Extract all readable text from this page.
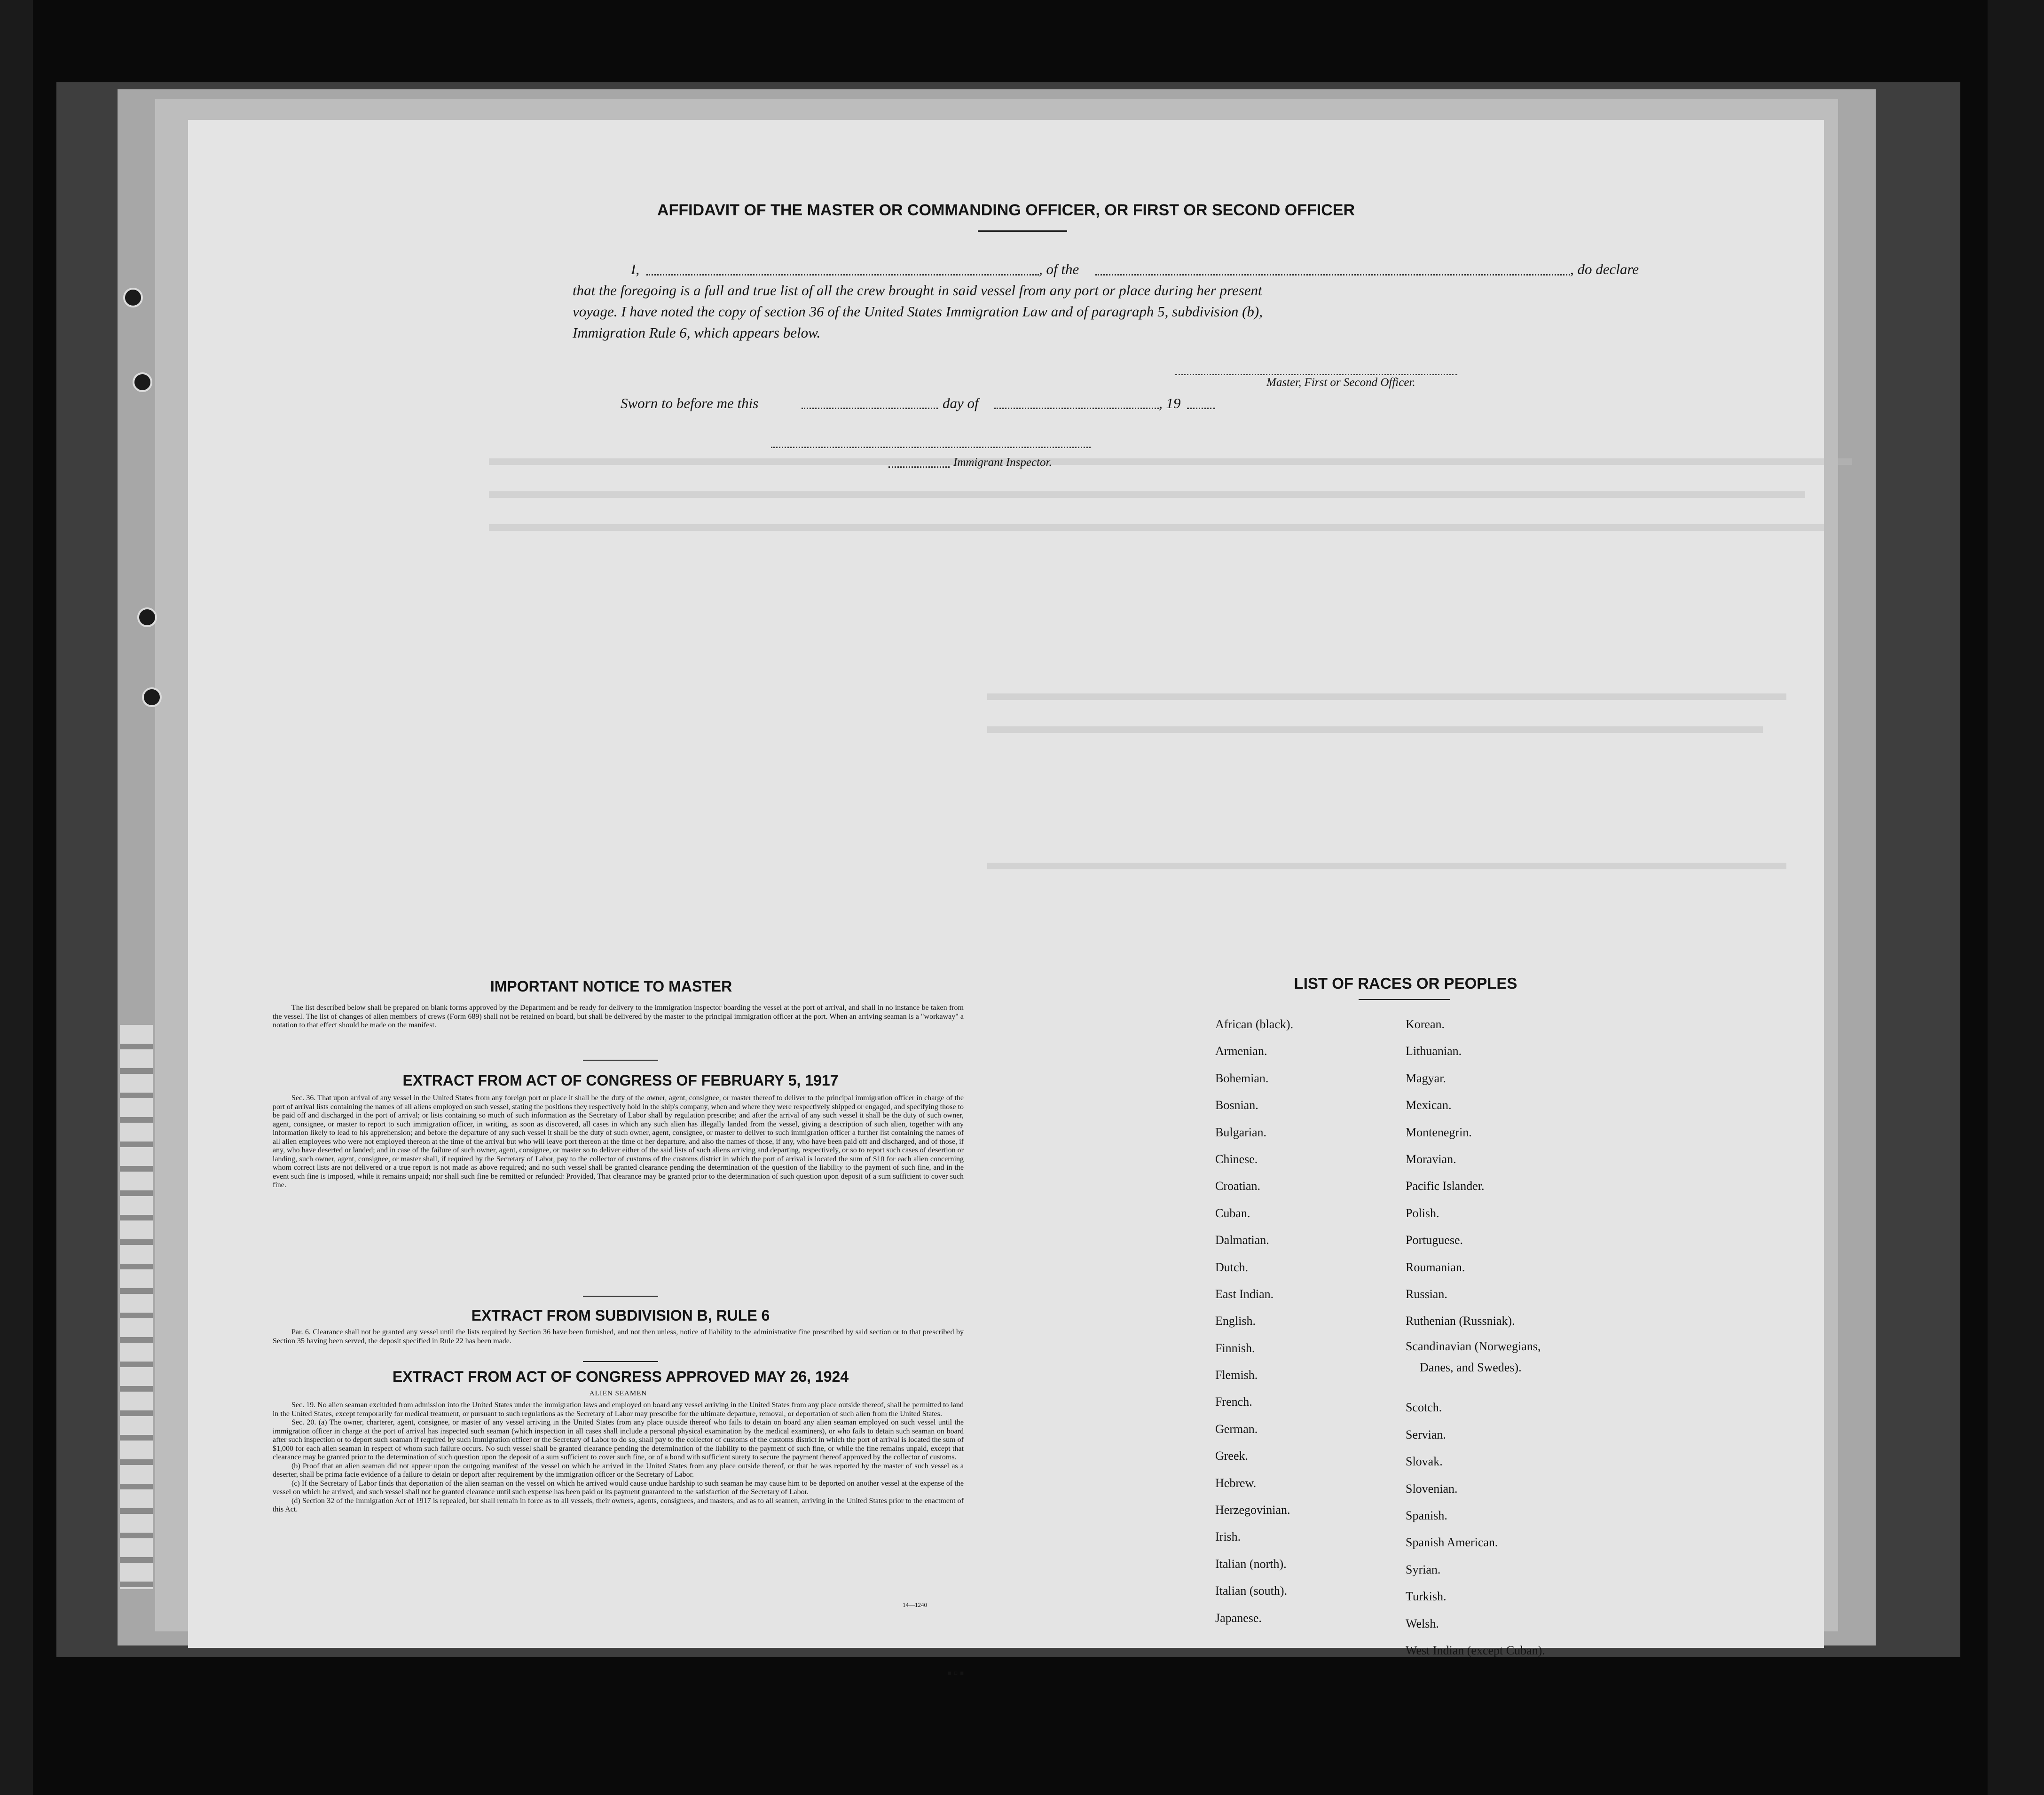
AFFIDAVIT OF THE MASTER OR COMMANDING OFFICER, OR FIRST OR SECOND OFFICER
I,	, of the	, do declare
that the foregoing is a full and true list of all the crew brought in said vessel from any port or place during her present
voyage. I have noted the copy of section 36 of the United States Immigration Law and of paragraph 5, subdivision (b),
Immigration Rule 6, which appears below.
Master, First or Second Officer.
Sworn to before me this	day of	, 19
Immigrant Inspector.
IMPORTANT NOTICE TO MASTER

The list described below shall be prepared on blank forms approved by the Department and be ready for delivery to the immigration inspector boarding the vessel at the port of arrival, and shall in no instance be taken from the vessel. The list of changes of alien members of crews (Form 689) shall not be retained on board, but shall be delivered by the master to the principal immigration officer at the port. When an arriving seaman is a "workaway" a notation to that effect should be made on the manifest.

EXTRACT FROM ACT OF CONGRESS OF FEBRUARY 5, 1917

Sec. 36. That upon arrival of any vessel in the United States from any foreign port or place it shall be the duty of the owner, agent, consignee, or master thereof to deliver to the principal immigration officer in charge of the port of arrival lists containing the names of all aliens employed on such vessel, stating the positions they respectively hold in the ship's company, when and where they were respectively shipped or engaged, and specifying those to be paid off and discharged in the port of arrival; or lists containing so much of such information as the Secretary of Labor shall by regulation prescribe; and after the arrival of any such vessel it shall be the duty of such owner, agent, consignee, or master to report to such immigration officer, in writing, as soon as discovered, all cases in which any such alien has illegally landed from the vessel, giving a description of such alien, together with any information likely to lead to his apprehension; and before the departure of any such vessel it shall be the duty of such owner, agent, consignee, or master to deliver to such immigration officer a further list containing the names of all alien employees who were not employed thereon at the time of the arrival but who will leave port thereon at the time of her departure, and also the names of those, if any, who have been paid off and discharged, and of those, if any, who have deserted or landed; and in case of the failure of such owner, agent, consignee, or master so to deliver either of the said lists of such aliens arriving and departing, respectively, or so to report such cases of desertion or landing, such owner, agent, consignee, or master shall, if required by the Secretary of Labor, pay to the collector of customs of the customs district in which the port of arrival is located the sum of $10 for each alien concerning whom correct lists are not delivered or a true report is not made as above required; and no such vessel shall be granted clearance pending the determination of the question of the liability to the payment of such fine, and in the event such fine is imposed, while it remains unpaid; nor shall such fine be remitted or refunded: Provided, That clearance may be granted prior to the determination of such question upon deposit of a sum sufficient to cover such fine.

EXTRACT FROM SUBDIVISION B, RULE 6

Par. 6. Clearance shall not be granted any vessel until the lists required by Section 36 have been furnished, and not then unless, notice of liability to the administrative fine prescribed by said section or to that prescribed by Section 35 having been served, the deposit specified in Rule 22 has been made.

EXTRACT FROM ACT OF CONGRESS APPROVED MAY 26, 1924
ALIEN SEAMEN

Sec. 19. No alien seaman excluded from admission into the United States under the immigration laws and employed on board any vessel arriving in the United States from any place outside thereof, shall be permitted to land in the United States, except temporarily for medical treatment, or pursuant to such regulations as the Secretary of Labor may prescribe for the ultimate departure, removal, or deportation of such alien from the United States.

Sec. 20. (a) The owner, charterer, agent, consignee, or master of any vessel arriving in the United States from any place outside thereof who fails to detain on board any alien seaman employed on such vessel until the immigration officer in charge at the port of arrival has inspected such seaman (which inspection in all cases shall include a personal physical examination by the medical examiners), or who fails to detain such seaman on board after such inspection or to deport such seaman if required by such immigration officer or the Secretary of Labor to do so, shall pay to the collector of customs of the customs district in which the port of arrival is located the sum of $1,000 for each alien seaman in respect of whom such failure occurs. No such vessel shall be granted clearance pending the determination of the liability to the payment of such fine, or while the fine remains unpaid, except that clearance may be granted prior to the determination of such question upon the deposit of a sum sufficient to cover such fine, or of a bond with sufficient surety to secure the payment thereof approved by the collector of customs.

(b) Proof that an alien seaman did not appear upon the outgoing manifest of the vessel on which he arrived in the United States from any place outside thereof, or that he was reported by the master of such vessel as a deserter, shall be prima facie evidence of a failure to detain or deport after requirement by the immigration officer or the Secretary of Labor.

(c) If the Secretary of Labor finds that deportation of the alien seaman on the vessel on which he arrived would cause undue hardship to such seaman he may cause him to be deported on another vessel at the expense of the vessel on which he arrived, and such vessel shall not be granted clearance until such expense has been paid or its payment guaranteed to the satisfaction of the Secretary of Labor.

(d) Section 32 of the Immigration Act of 1917 is repealed, but shall remain in force as to all vessels, their owners, agents, consignees, and masters, and as to all seamen, arriving in the United States prior to the enactment of this Act.

14—1240
LIST OF RACES OR PEOPLES
African (black).
Armenian.
Bohemian.
Bosnian.
Bulgarian.
Chinese.
Croatian.
Cuban.
Dalmatian.
Dutch.
East Indian.
English.
Finnish.
Flemish.
French.
German.
Greek.
Hebrew.
Herzegovinian.
Irish.
Italian (north).
Italian (south).
Japanese.
Korean.
Lithuanian.
Magyar.
Mexican.
Montenegrin.
Moravian.
Pacific Islander.
Polish.
Portuguese.
Roumanian.
Russian.
Ruthenian (Russniak).
Scandinavian (Norwegians,
Danes, and Swedes).
Scotch.
Servian.
Slovak.
Slovenian.
Spanish.
Spanish American.
Syrian.
Turkish.
Welsh.
West Indian (except Cuban).
▪▫▪
